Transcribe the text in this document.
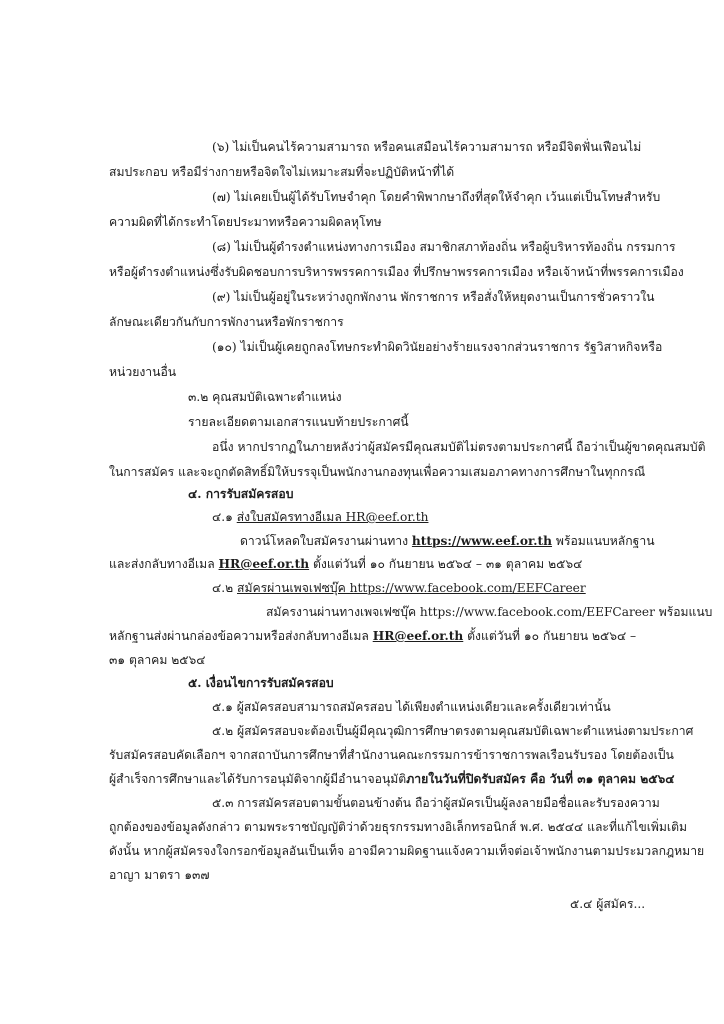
(๖) ไม่เป็นคนไร้ความสามารถ หรือคนเสมือนไร้ความสามารถ หรือมีจิตฟั่นเฟือนไม่
สมประกอบ หรือมีร่างกายหรือจิตใจไม่เหมาะสมที่จะปฏิบัติหน้าที่ได้
(๗) ไม่เคยเป็นผู้ได้รับโทษจำคุก โดยคำพิพากษาถึงที่สุดให้จำคุก เว้นแต่เป็นโทษสำหรับ
ความผิดที่ได้กระทำโดยประมาทหรือความผิดลหุโทษ
(๘) ไม่เป็นผู้ดำรงตำแหน่งทางการเมือง สมาชิกสภาท้องถิ่น หรือผู้บริหารท้องถิ่น กรรมการ
หรือผู้ดำรงตำแหน่งซึ่งรับผิดชอบการบริหารพรรคการเมือง ที่ปรึกษาพรรคการเมือง หรือเจ้าหน้าที่พรรคการเมือง
(๙) ไม่เป็นผู้อยู่ในระหว่างถูกพักงาน พักราชการ หรือสั่งให้หยุดงานเป็นการชั่วคราวใน
ลักษณะเดียวกันกับการพักงานหรือพักราชการ
(๑๐) ไม่เป็นผู้เคยถูกลงโทษกระทำผิดวินัยอย่างร้ายแรงจากส่วนราชการ รัฐวิสาหกิจหรือ
หน่วยงานอื่น
๓.๒ คุณสมบัติเฉพาะตำแหน่ง
รายละเอียดตามเอกสารแนบท้ายประกาศนี้
อนึ่ง หากปรากฏในภายหลังว่าผู้สมัครมีคุณสมบัติไม่ตรงตามประกาศนี้ ถือว่าเป็นผู้ขาดคุณสมบัติ
ในการสมัคร และจะถูกตัดสิทธิ์มิให้บรรจุเป็นพนักงานกองทุนเพื่อความเสมอภาคทางการศึกษาในทุกกรณี
๔. การรับสมัครสอบ
๔.๑ ส่งใบสมัครทางอีเมล HR@eef.or.th
ดาวน์โหลดใบสมัครงานผ่านทาง https://www.eef.or.th พร้อมแนบหลักฐาน
และส่งกลับทางอีเมล HR@eef.or.th ตั้งแต่วันที่ ๑๐ กันยายน ๒๕๖๔ – ๓๑ ตุลาคม ๒๕๖๔
๔.๒ สมัครผ่านเพจเฟซบุ๊ค https://www.facebook.com/EEFCareer
สมัครงานผ่านทางเพจเฟซบุ๊ค https://www.facebook.com/EEFCareer พร้อมแนบ
หลักฐานส่งผ่านกล่องข้อความหรือส่งกลับทางอีเมล HR@eef.or.th ตั้งแต่วันที่ ๑๐ กันยายน ๒๕๖๔ –
๓๑ ตุลาคม ๒๕๖๔
๕. เงื่อนไขการรับสมัครสอบ
๕.๑ ผู้สมัครสอบสามารถสมัครสอบ ได้เพียงตำแหน่งเดียวและครั้งเดียวเท่านั้น
๕.๒ ผู้สมัครสอบจะต้องเป็นผู้มีคุณวุฒิการศึกษาตรงตามคุณสมบัติเฉพาะตำแหน่งตามประกาศ
รับสมัครสอบคัดเลือกฯ จากสถาบันการศึกษาที่สำนักงานคณะกรรมการข้าราชการพลเรือนรับรอง โดยต้องเป็น
ผู้สำเร็จการศึกษาและได้รับการอนุมัติจากผู้มีอำนาจอนุมัติภายในวันที่ปิดรับสมัคร คือ วันที่ ๓๑ ตุลาคม ๒๕๖๔
๕.๓ การสมัครสอบตามขั้นตอนข้างต้น ถือว่าผู้สมัครเป็นผู้ลงลายมือชื่อและรับรองความ
ถูกต้องของข้อมูลดังกล่าว ตามพระราชบัญญัติว่าด้วยธุรกรรมทางอิเล็กทรอนิกส์ พ.ศ. ๒๕๔๔ และที่แก้ไขเพิ่มเติม
ดังนั้น หากผู้สมัครจงใจกรอกข้อมูลอันเป็นเท็จ อาจมีความผิดฐานแจ้งความเท็จต่อเจ้าพนักงานตามประมวลกฎหมาย
อาญา มาตรา ๑๓๗
๕.๔ ผู้สมัคร...
